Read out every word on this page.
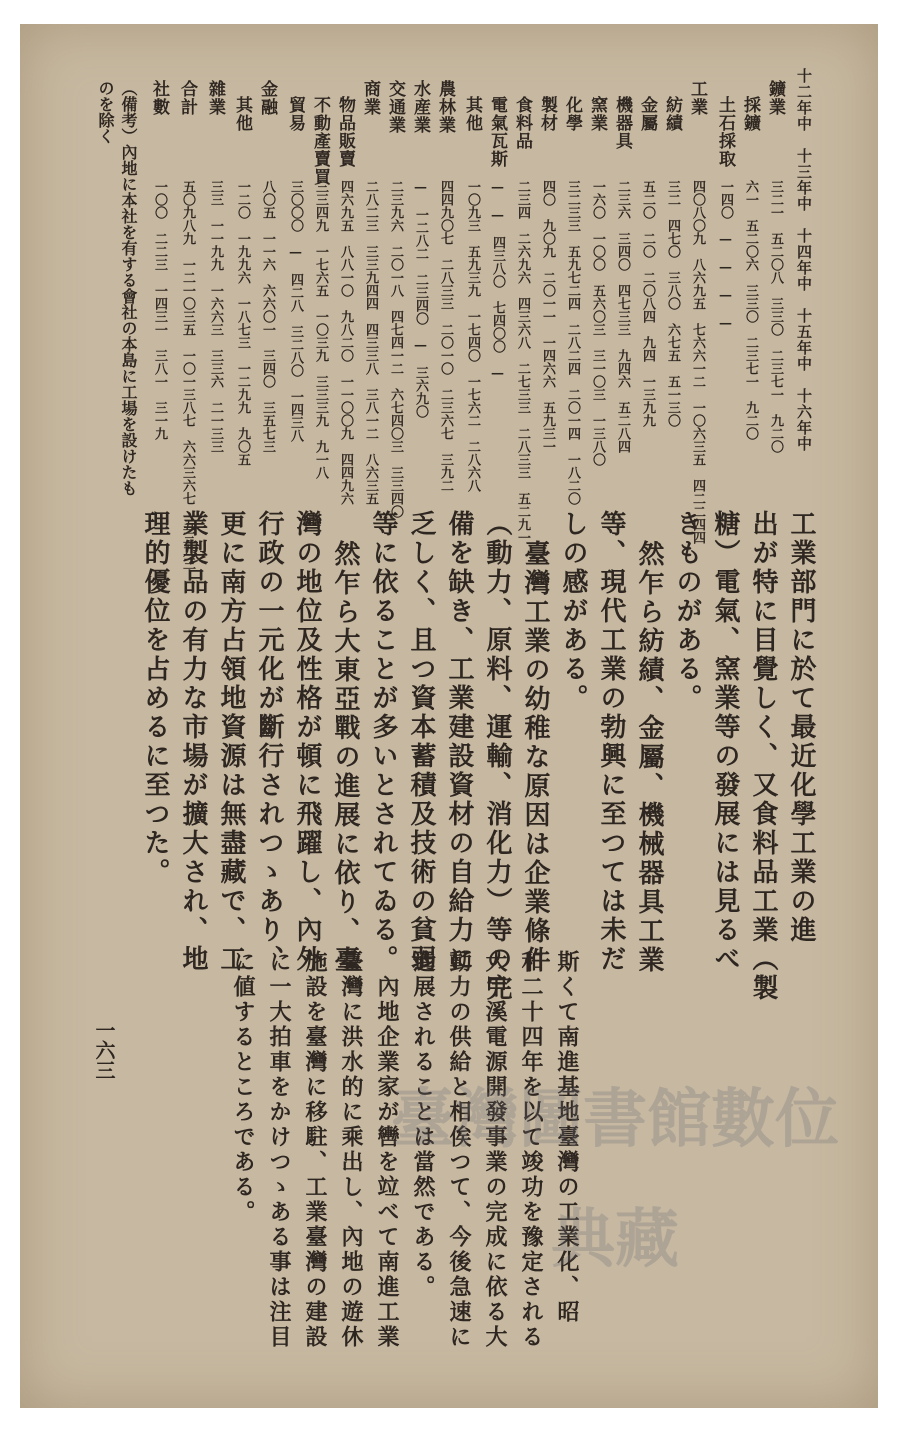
十二年中　十三年中　十四年中　十五年中　十六年中
鑛業三二一　五二〇八　三三〇　二三七一　九二〇
採鑛六一　五二〇六　三三〇　二三七一　九二〇
土石採取一四〇　—　—　—　—
工業四〇八〇九　八六九五　七六六一二　一〇六三五　四二二四四
紡績三二　四七〇　三八〇　六七五　五一三〇
金屬五二〇　二〇　二〇八四　九四　一三九九
機器具二三六　三四〇　四七三三　九四六　五二八四
窯業一六〇　一〇〇　五六〇三　三一〇三　一三八〇
化學三二三三　五九七二四　二八二四　二〇一四　一八二〇
製材四〇　九〇九　二〇一一　一四六六　五九三一
食料品二三四　二六九六　四三六八　二七三三　二八三三　五二九一
電氣瓦斯—　—　四三八〇　七四〇〇　—
其他一〇九三　五九三九　一七四〇　一七六二　二八六八
農林業四四九〇七　二八三三　二〇一〇　二三六七　三九二
水産業—　一二八二　二三四〇　—　三六九〇
交通業二三九六　二〇一八　四七四一二　六七四〇三　三三四〇
商業二八二三　三三九四四　四三三八　三八一二　八六三五
物品販賣四六九五　八八一〇　九八二〇　一一〇〇九　四四九六
不動產賣買三三四九　一七六五　一〇三九　三三三九　九一八
貿易三〇〇〇　—　四二八　三二八〇　一四三八
金融八〇五　一一六　六六〇一　三四〇　三五七三
其他一二〇　一九九六　一八七三　一二九九　九〇五
雜業三三　一一九九　一六六三　三三六　二一三三
合計五〇九八九　一二一〇三五　一〇一三八七　六六三六七　五三九三
社數一〇〇　二二三　一四三一　三八一　三一九
（備考）內地に本社を有する會社の本島に工場を設けたものを除く
工業部門に於て最近化學工業の進
出が特に目覺しく、又食料品工業（製
糖）電氣、窯業等の發展には見るべ
きものがある。
然乍ら紡績、金屬、機械器具工業
等、現代工業の勃興に至つては未だ
しの感がある。
臺灣工業の幼稚な原因は企業條件
（動力、原料、運輸、消化力）等の完
備を缺き、工業建設資材の自給力に
乏しく、且つ資本蓄積及技術の貧弱
等に依ることが多いとされてゐる。
然乍ら大東亞戰の進展に依り、臺
灣の地位及性格が頓に飛躍し、內外
行政の一元化が斷行されつゝあり、
更に南方占領地資源は無盡藏で、工
業製品の有力な市場が擴大され、地
理的優位を占めるに至つた。
斯くて南進基地臺灣の工業化、昭
和二十四年を以て竣功を豫定される
大甲溪電源開發事業の完成に依る大
動力の供給と相俟つて、今後急速に
進展されることは當然である。
內地企業家が轡を竝べて南進工業
臺灣に洪水的に乘出し、內地の遊休
施設を臺灣に移駐、工業臺灣の建設
に一大拍車をかけつゝある事は注目
に値するところである。
一六三
臺灣圖書館數位典藏
